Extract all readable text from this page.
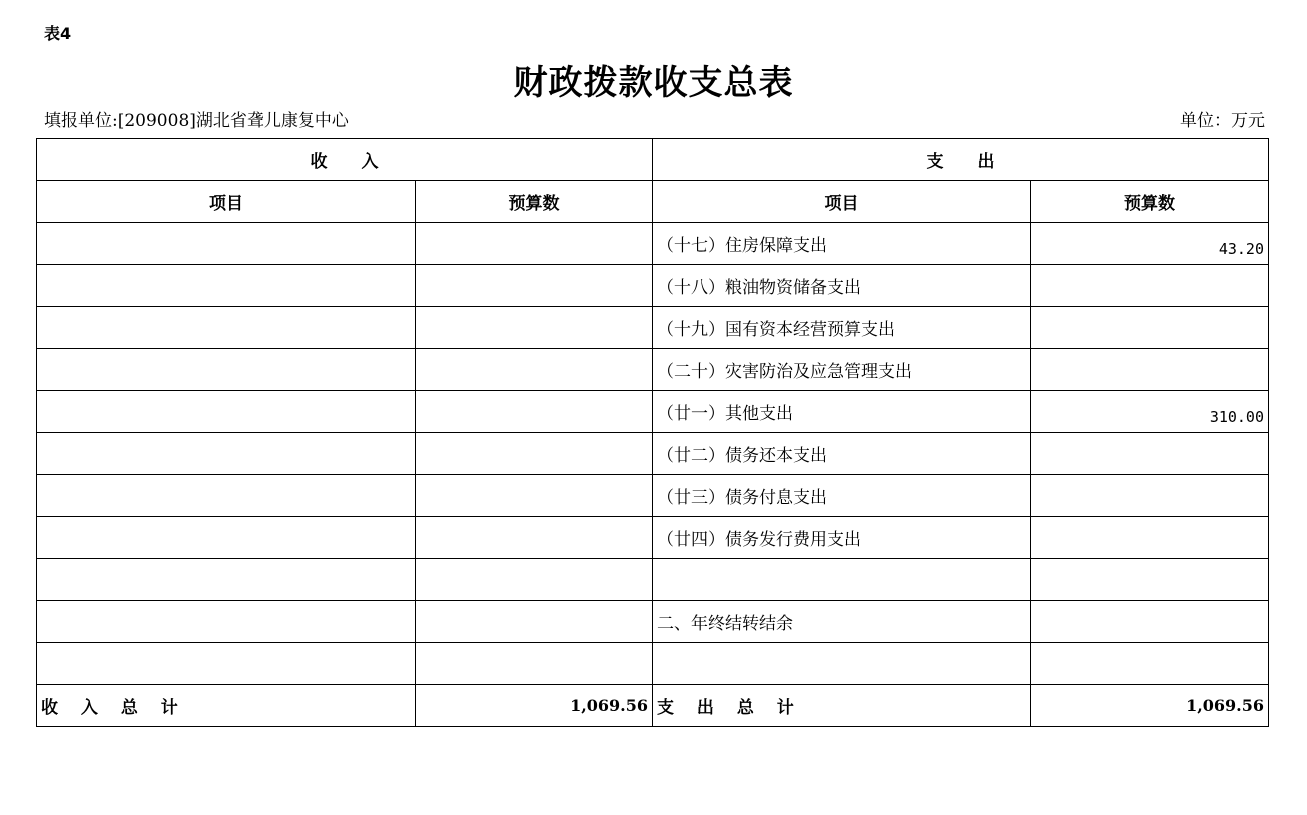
表4
财政拨款收支总表
填报单位:[209008]湖北省聋儿康复中心	单位：万元
收　　入		支　　出	
项目	预算数	项目	预算数
		（十七）住房保障支出	43.20
		（十八）粮油物资储备支出	
		（十九）国有资本经营预算支出	
		（二十）灾害防治及应急管理支出	
		（廿一）其他支出	310.00
		（廿二）债务还本支出	
		（廿三）债务付息支出	
		（廿四）债务发行费用支出	

		二、年终结转结余	

收　 入　 总　 计	1,069.56	支　 出　 总　 计	1,069.56
